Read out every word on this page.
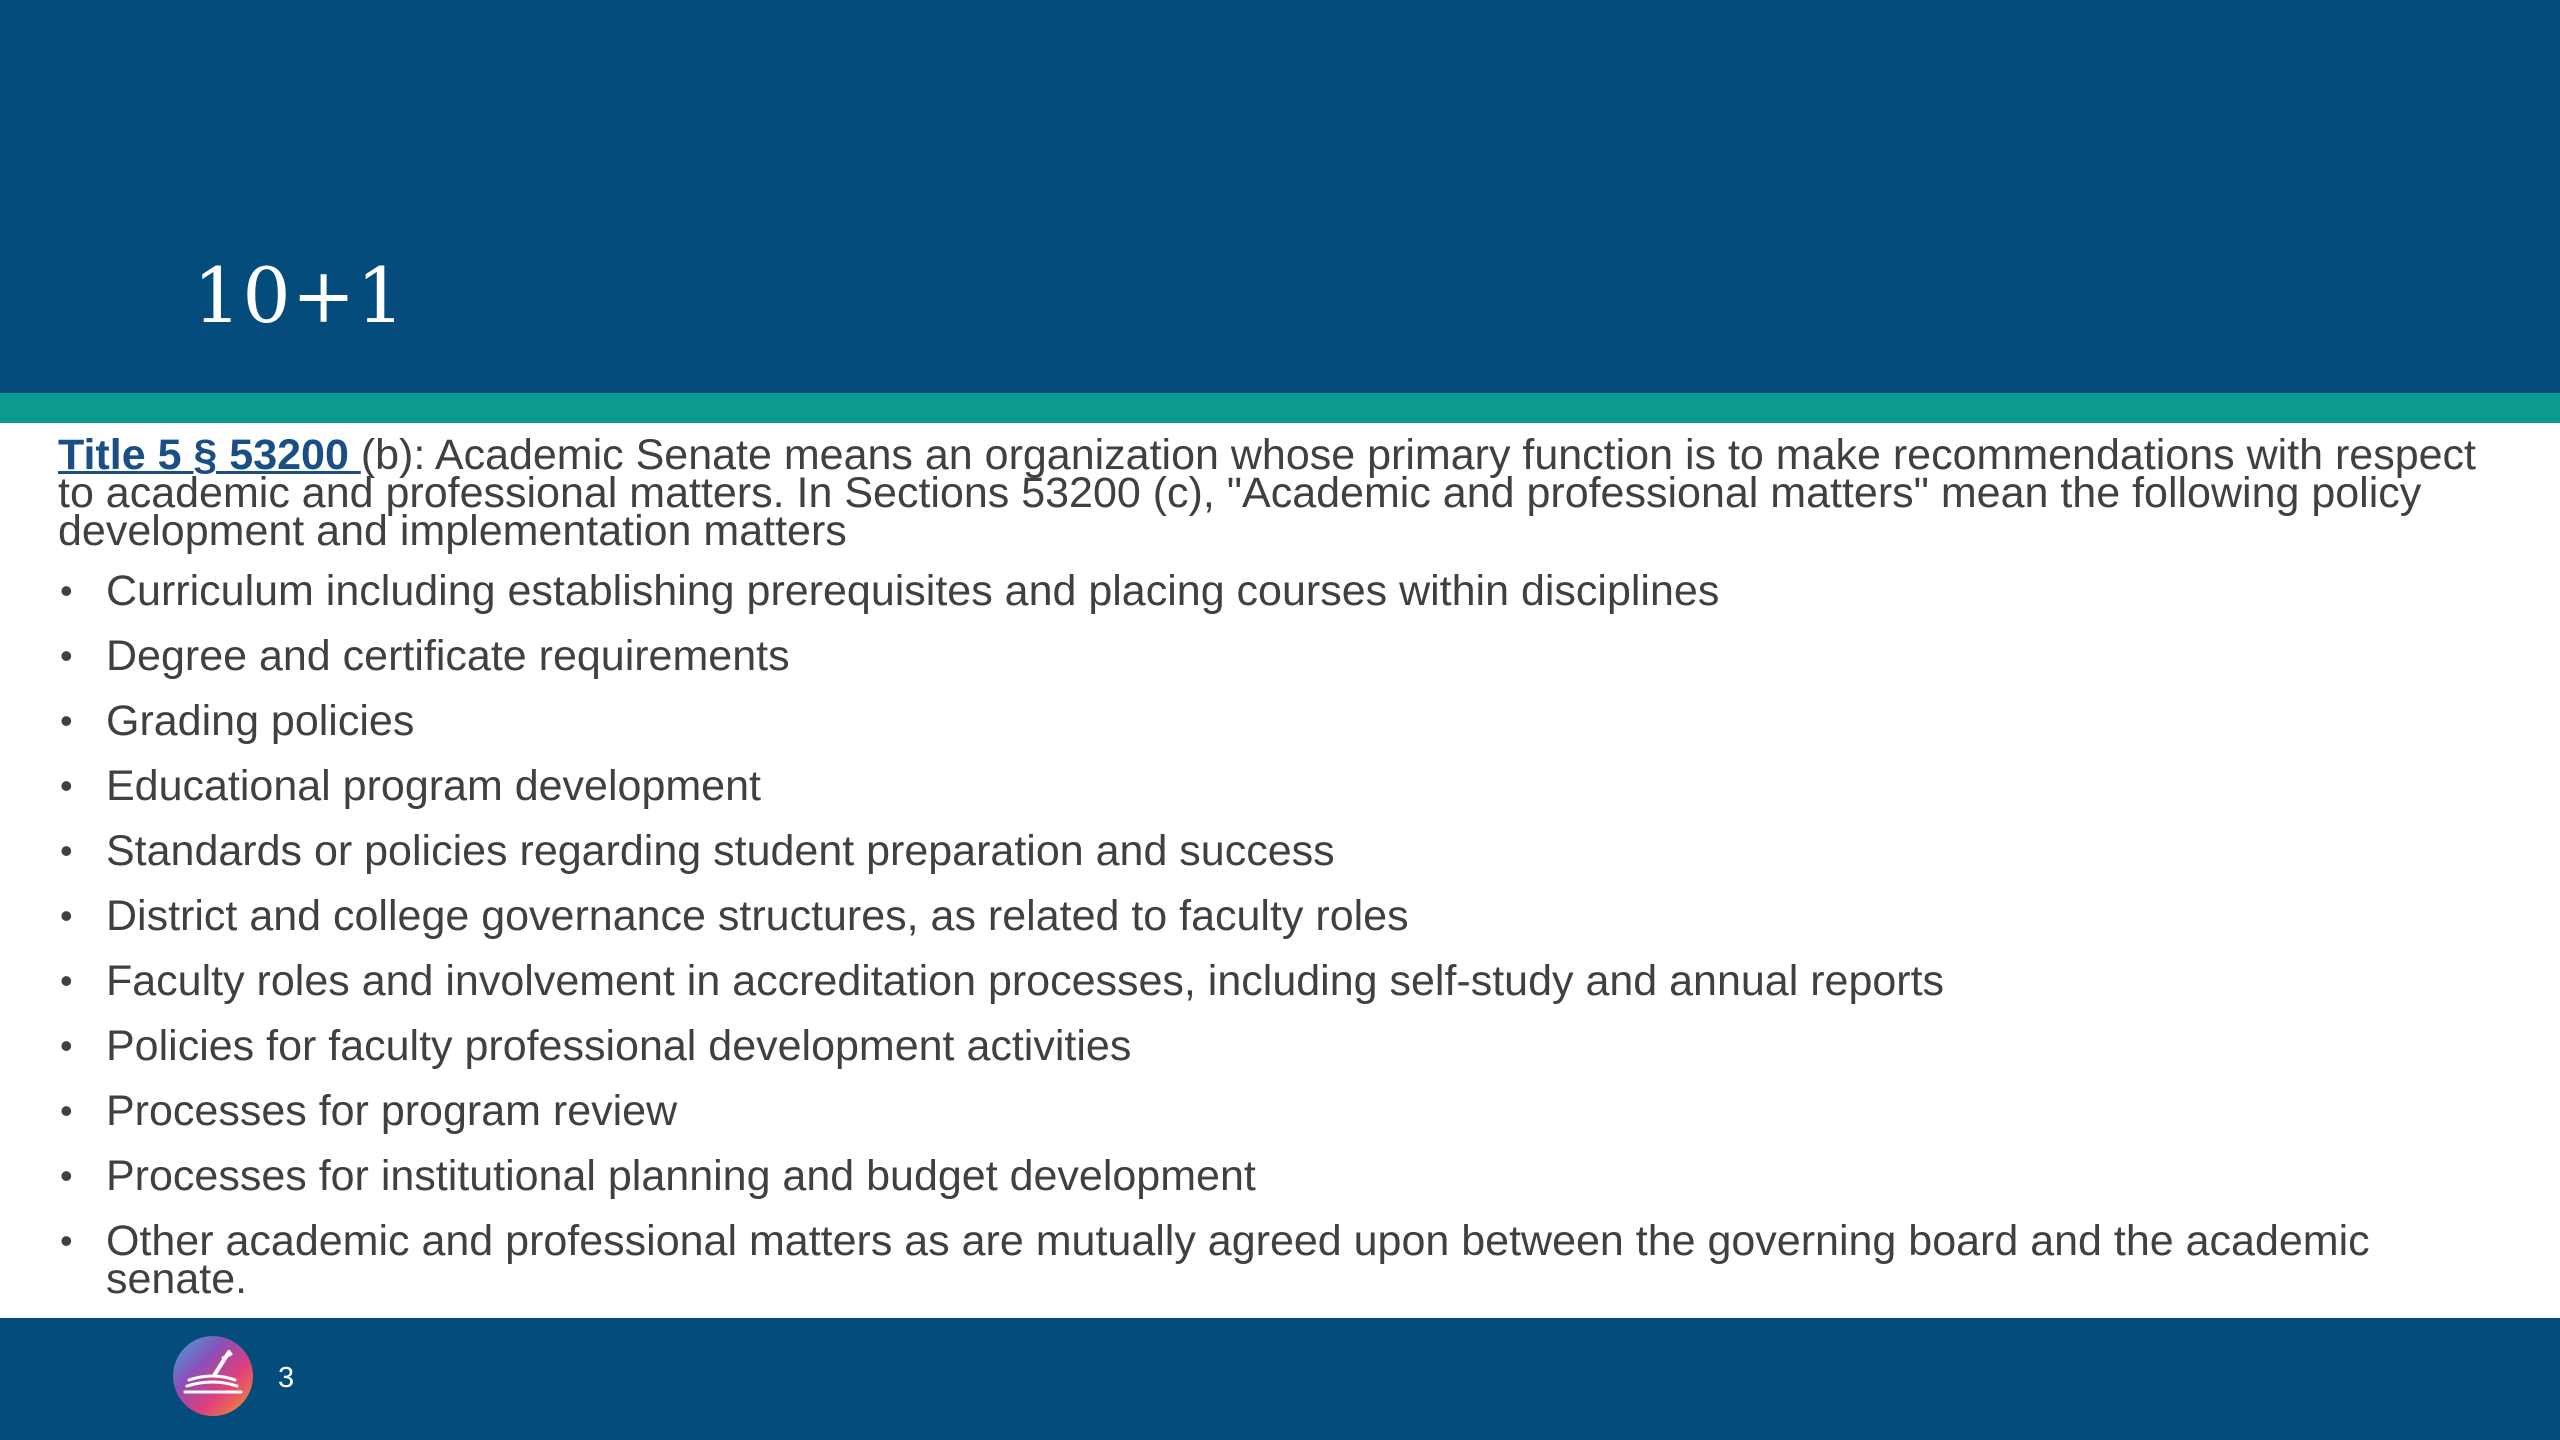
10+1

Title 5 § 53200 (b): Academic Senate means an organization whose primary function is to make recommendations with respect to academic and professional matters. In Sections 53200 (c), "Academic and professional matters" mean the following policy development and implementation matters

• Curriculum including establishing prerequisites and placing courses within disciplines
• Degree and certificate requirements
• Grading policies
• Educational program development
• Standards or policies regarding student preparation and success
• District and college governance structures, as related to faculty roles
• Faculty roles and involvement in accreditation processes, including self-study and annual reports
• Policies for faculty professional development activities
• Processes for program review
• Processes for institutional planning and budget development
• Other academic and professional matters as are mutually agreed upon between the governing board and the academic senate.
3
